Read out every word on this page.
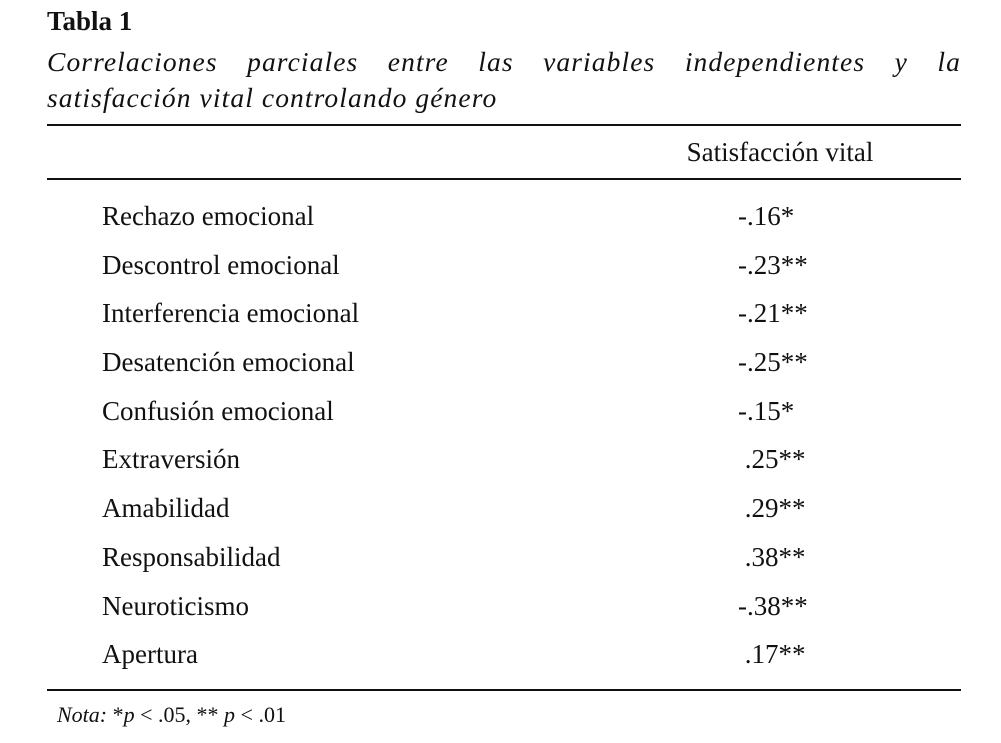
Tabla 1
Correlaciones parciales entre las variables independientes y la satisfacción vital controlando género
Satisfacción vital
Rechazo emocional	-.16*
Descontrol emocional	-.23**
Interferencia emocional	-.21**
Desatención emocional	-.25**
Confusión emocional	-.15*
Extraversión	.25**
Amabilidad	.29**
Responsabilidad	.38**
Neuroticismo	-.38**
Apertura	.17**
Nota: *p < .05, ** p < .01
